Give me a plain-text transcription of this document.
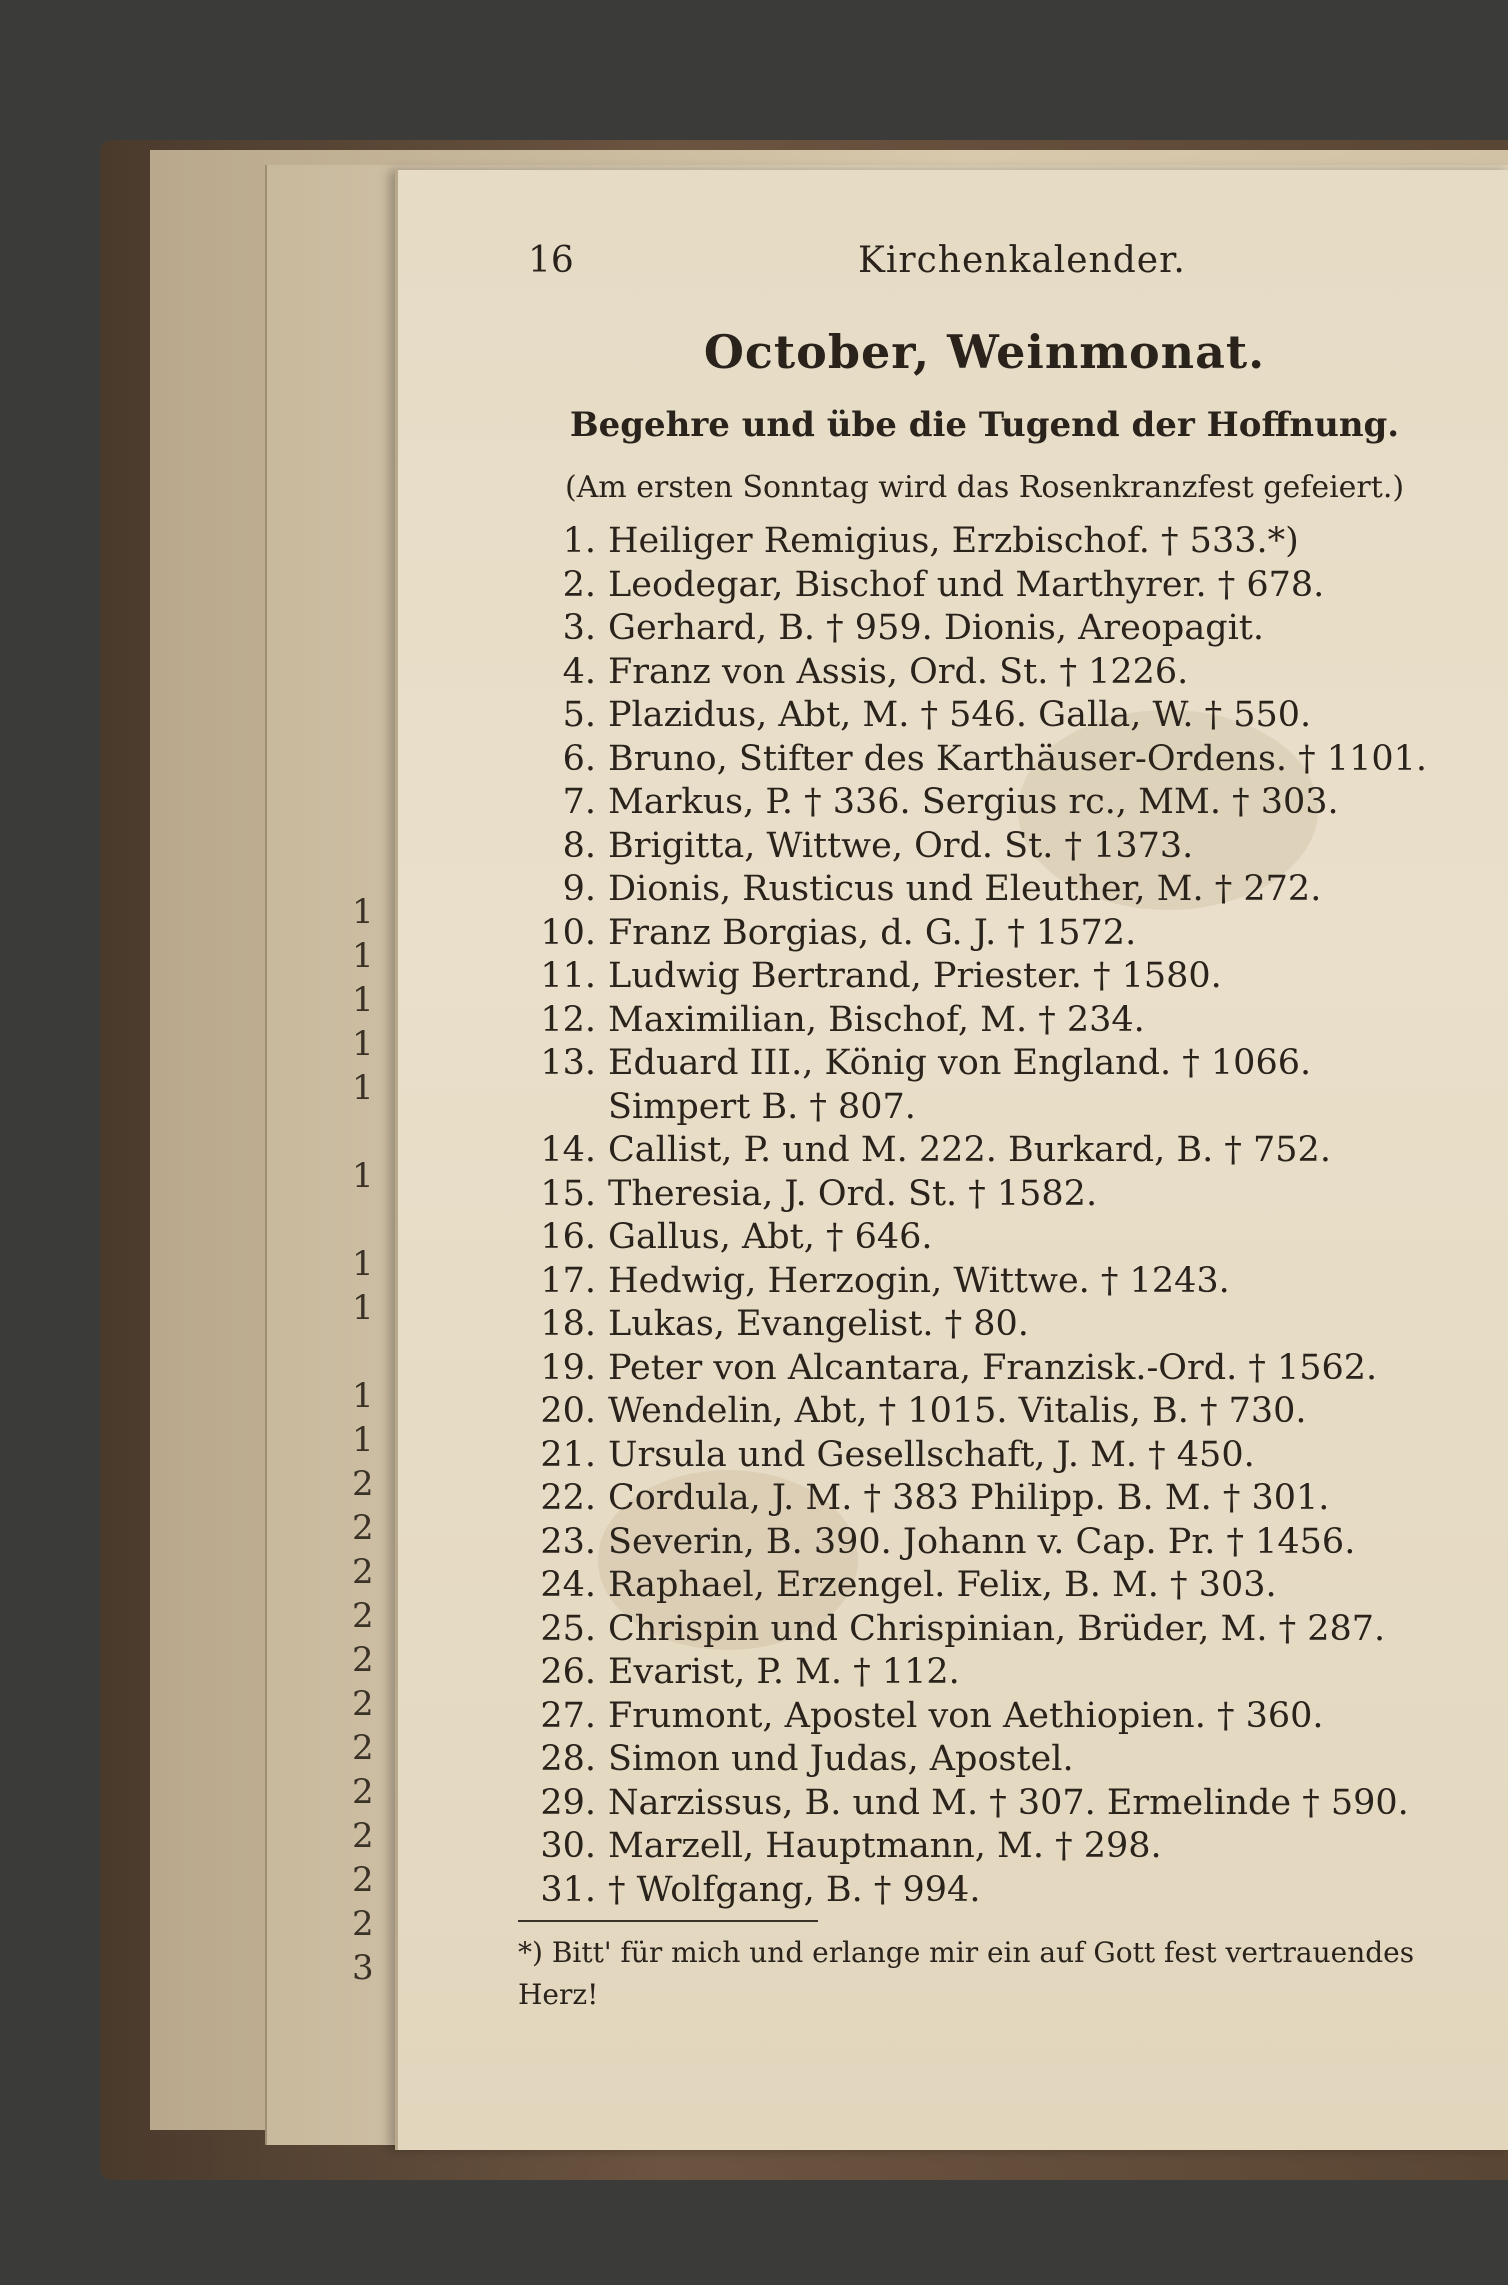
1
1
1
1
1

1

1
1

1
1
2
2
2
2
2
2
2
2
2
2
2
3
16	Kirchenkalender.
October, Weinmonat.
Begehre und übe die Tugend der Hoffnung.
(Am ersten Sonntag wird das Rosenkranzfest gefeiert.)
1. Heiliger Remigius, Erzbischof. † 533.*)
2. Leodegar, Bischof und Marthyrer. † 678.
3. Gerhard, B. † 959. Dionis, Areopagit.
4. Franz von Assis, Ord. St. † 1226.
5. Plazidus, Abt, M. † 546. Galla, W. † 550.
6. Bruno, Stifter des Karthäuser-Ordens. † 1101.
7. Markus, P. † 336. Sergius rc., MM. † 303.
8. Brigitta, Wittwe, Ord. St. † 1373.
9. Dionis, Rusticus und Eleuther, M. † 272.
10. Franz Borgias, d. G. J. † 1572.
11. Ludwig Bertrand, Priester. † 1580.
12. Maximilian, Bischof, M. † 234.
13. Eduard III., König von England. † 1066.
Simpert B. † 807.
14. Callist, P. und M. 222. Burkard, B. † 752.
15. Theresia, J. Ord. St. † 1582.
16. Gallus, Abt, † 646.
17. Hedwig, Herzogin, Wittwe. † 1243.
18. Lukas, Evangelist. † 80.
19. Peter von Alcantara, Franzisk.-Ord. † 1562.
20. Wendelin, Abt, † 1015. Vitalis, B. † 730.
21. Ursula und Gesellschaft, J. M. † 450.
22. Cordula, J. M. † 383 Philipp. B. M. † 301.
23. Severin, B. 390. Johann v. Cap. Pr. † 1456.
24. Raphael, Erzengel. Felix, B. M. † 303.
25. Chrispin und Chrispinian, Brüder, M. † 287.
26. Evarist, P. M. † 112.
27. Frumont, Apostel von Aethiopien. † 360.
28. Simon und Judas, Apostel.
29. Narzissus, B. und M. † 307. Ermelinde † 590.
30. Marzell, Hauptmann, M. † 298.
31. † Wolfgang, B. † 994.
*) Bitt' für mich und erlange mir ein auf Gott fest vertrauendes Herz!
